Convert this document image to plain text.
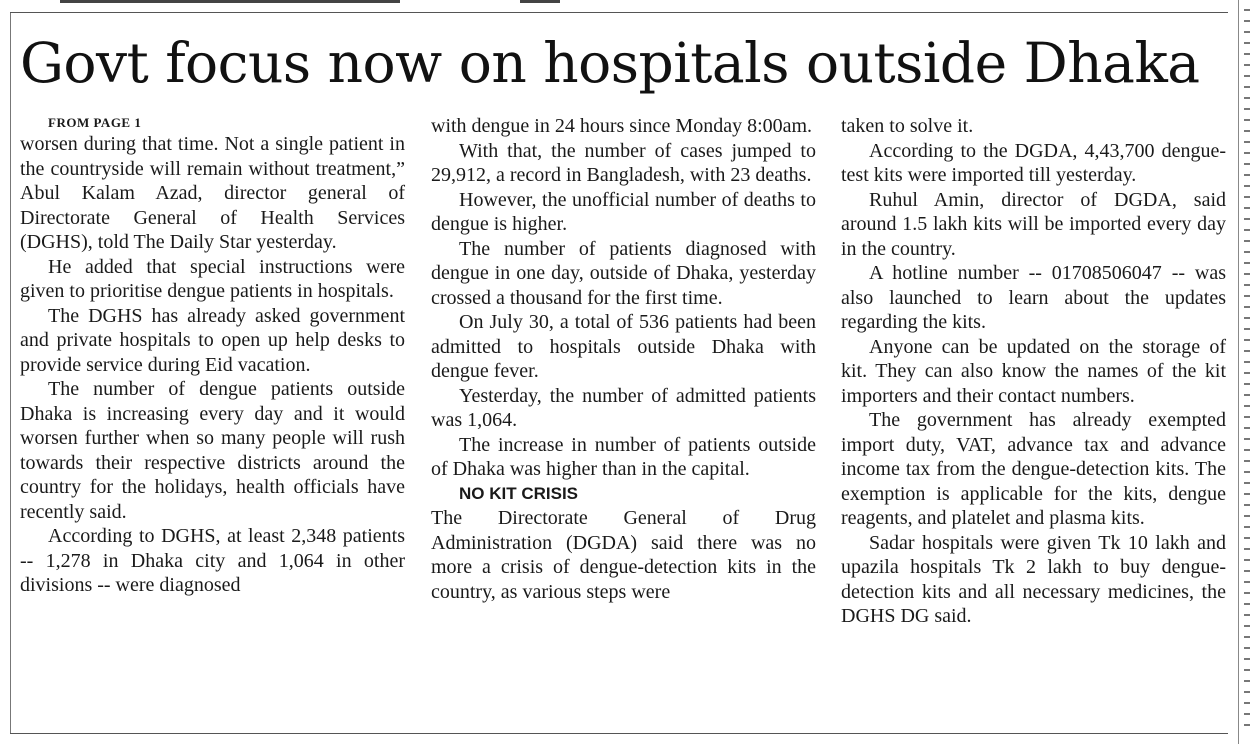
Govt focus now on hospitals outside Dhaka

FROM PAGE 1

worsen during that time. Not a single patient in the countryside will remain without treatment,” Abul Kalam Azad, director general of Directorate General of Health Services (DGHS), told The Daily Star yesterday.

He added that special instructions were given to prioritise dengue patients in hospitals.

The DGHS has already asked government and private hospitals to open up help desks to provide service during Eid vacation.

The number of dengue patients outside Dhaka is increasing every day and it would worsen further when so many people will rush towards their respective districts around the country for the holidays, health officials have recently said.

According to DGHS, at least 2,348 patients -- 1,278 in Dhaka city and 1,064 in other divisions -- were diagnosed

with dengue in 24 hours since Monday 8:00am.

With that, the number of cases jumped to 29,912, a record in Bangladesh, with 23 deaths.

However, the unofficial number of deaths to dengue is higher.

The number of patients diagnosed with dengue in one day, outside of Dhaka, yesterday crossed a thousand for the first time.

On July 30, a total of 536 patients had been admitted to hospitals outside Dhaka with dengue fever.

Yesterday, the number of admitted patients was 1,064.

The increase in number of patients outside of Dhaka was higher than in the capital.

NO KIT CRISIS

The Directorate General of Drug Administration (DGDA) said there was no more a crisis of dengue-detection kits in the country, as various steps were

taken to solve it.

According to the DGDA, 4,43,700 dengue-test kits were imported till yesterday.

Ruhul Amin, director of DGDA, said around 1.5 lakh kits will be imported every day in the country.

A hotline number -- 01708506047 -- was also launched to learn about the updates regarding the kits.

Anyone can be updated on the storage of kit. They can also know the names of the kit importers and their contact numbers.

The government has already exempted import duty, VAT, advance tax and advance income tax from the dengue-detection kits. The exemption is applicable for the kits, dengue reagents, and platelet and plasma kits.

Sadar hospitals were given Tk 10 lakh and upazila hospitals Tk 2 lakh to buy dengue-detection kits and all necessary medicines, the DGHS DG said.
